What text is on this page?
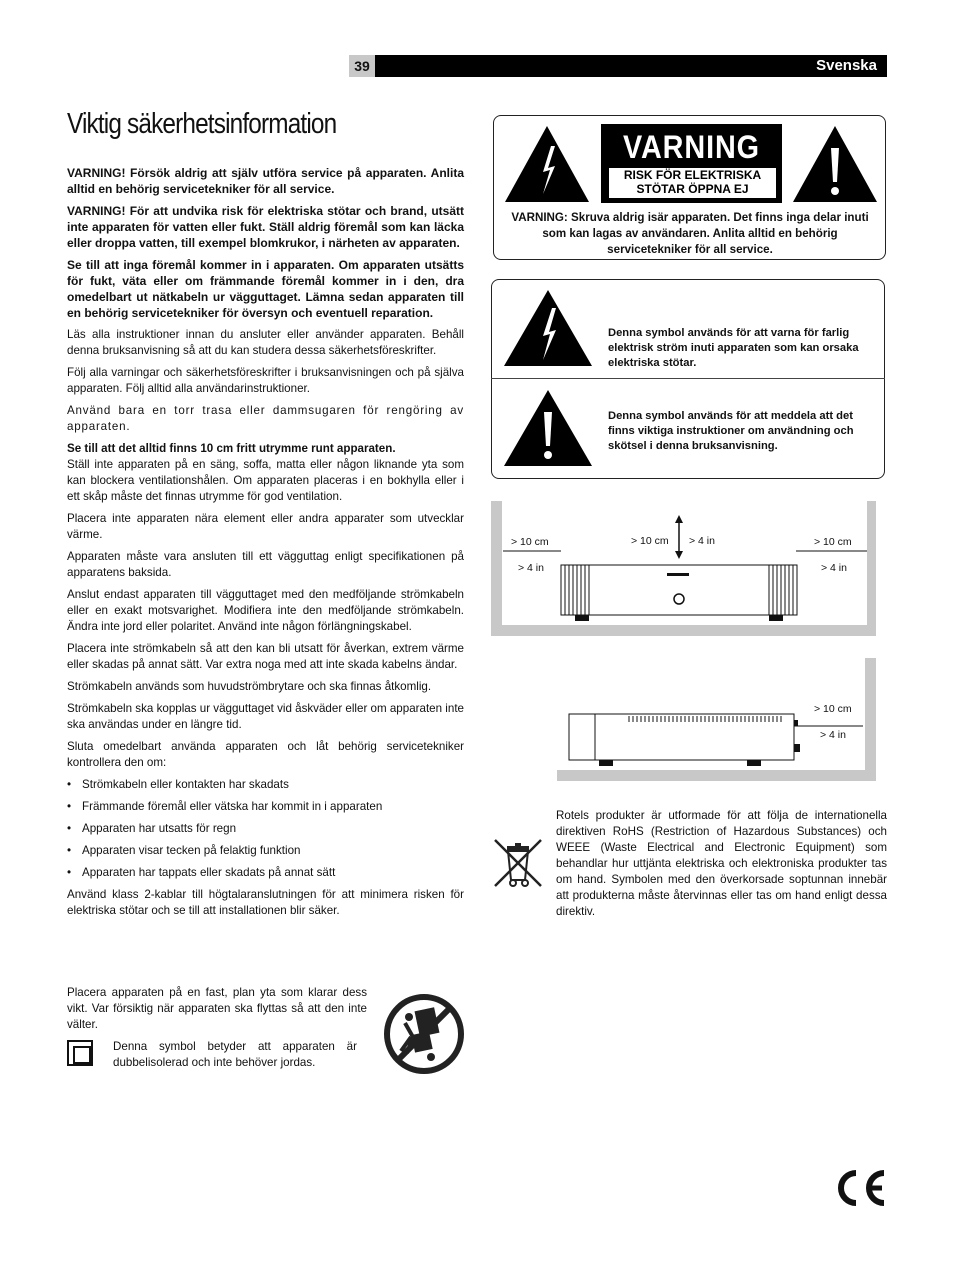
39	Svenska
Viktig säkerhetsinformation

VARNING! Försök aldrig att själv utföra service på apparaten. Anlita alltid en behörig servicetekniker för all service.

VARNING! För att undvika risk för elektriska stötar och brand, utsätt inte apparaten för vatten eller fukt. Ställ aldrig föremål som kan läcka eller droppa vatten, till exempel blomkrukor, i närheten av apparaten.

Se till att inga föremål kommer in i apparaten. Om apparaten utsätts för fukt, väta eller om främmande föremål kommer in i den, dra omedelbart ut nätkabeln ur vägguttaget. Lämna sedan apparaten till en behörig servicetekniker för översyn och eventuell reparation.

Läs alla instruktioner innan du ansluter eller använder apparaten. Behåll denna bruksanvisning så att du kan studera dessa säkerhetsföreskrifter.

Följ alla varningar och säkerhetsföreskrifter i bruksanvisningen och på själva apparaten. Följ alltid alla användarinstruktioner.

Använd bara en torr trasa eller dammsugaren för rengöring av apparaten.

Se till att det alltid finns 10 cm fritt utrymme runt apparaten.
Ställ inte apparaten på en säng, soffa, matta eller någon liknande yta som kan blockera ventilationshålen. Om apparaten placeras i en bokhylla eller i ett skåp måste det finnas utrymme för god ventilation.

Placera inte apparaten nära element eller andra apparater som utvecklar värme.

Apparaten måste vara ansluten till ett vägguttag enligt specifikationen på apparatens baksida.

Anslut endast apparaten till vägguttaget med den medföljande strömkabeln eller en exakt motsvarighet. Modifiera inte den medföljande strömkabeln. Ändra inte jord eller polaritet. Använd inte någon förlängningskabel.

Placera inte strömkabeln så att den kan bli utsatt för åverkan, extrem värme eller skadas på annat sätt. Var extra noga med att inte skada kabelns ändar.

Strömkabeln används som huvudströmbrytare och ska finnas åtkomlig.

Strömkabeln ska kopplas ur vägguttaget vid åskväder eller om apparaten inte ska användas under en längre tid.

Sluta omedelbart använda apparaten och låt behörig servicetekniker kontrollera den om:

• Strömkabeln eller kontakten har skadats
• Främmande föremål eller vätska har kommit in i apparaten
• Apparaten har utsatts för regn
• Apparaten visar tecken på felaktig funktion
• Apparaten har tappats eller skadats på annat sätt

Använd klass 2-kablar till högtalaranslutningen för att minimera risken för elektriska stötar och se till att installationen blir säker.

Placera apparaten på en fast, plan yta som klarar dess vikt. Var försiktig när apparaten ska flyttas så att den inte välter.
Denna symbol betyder att apparaten är dubbelisolerad och inte behöver jordas.
VARNING
RISK FÖR ELEKTRISKA
STÖTAR ÖPPNA EJ
VARNING: Skruva aldrig isär apparaten. Det finns inga delar inuti som kan lagas av användaren. Anlita alltid en behörig servicetekniker för all service.
Denna symbol används för att varna för farlig elektrisk ström inuti apparaten som kan orsaka elektriska stötar.
Denna symbol används för att meddela att det finns viktiga instruktioner om användning och skötsel i denna bruksanvisning.
> 10 cm
> 4 in
> 10 cm > 4 in	> 10 cm
> 4 in
> 10 cm
> 4 in
Rotels produkter är utformade för att följa de internationella direktiven RoHS (Restriction of Hazardous Substances) och WEEE (Waste Electrical and Electronic Equipment) som behandlar hur uttjänta elektriska och elektroniska produkter tas om hand. Symbolen med den överkorsade soptunnan innebär att produkterna måste återvinnas eller tas om hand enligt dessa direktiv.
